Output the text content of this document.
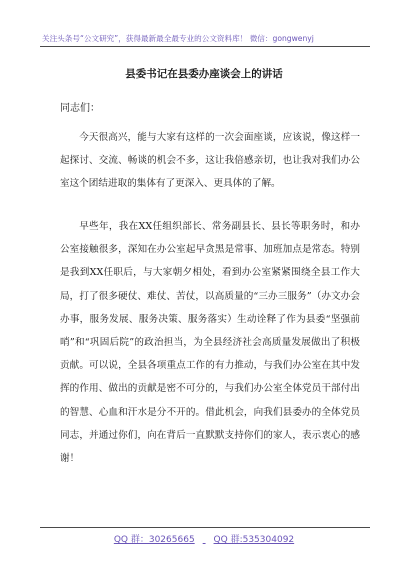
关注头条号“公文研究”，获得最新最全最专业的公文资料库！ 微信：gongwenyj
县委书记在县委办座谈会上的讲话
同志们：

今天很高兴，能与大家有这样的一次会面座谈，应该说，像这样一起探讨、交流、畅谈的机会不多，这让我倍感亲切，也让我对我们办公室这个团结进取的集体有了更深入、更具体的了解。

早些年，我在XX任组织部长、常务副县长、县长等职务时，和办公室接触很多，深知在办公室起早贪黑是常事、加班加点是常态。特别是我到XX任职后，与大家朝夕相处，看到办公室紧紧围绕全县工作大局，打了很多硬仗、难仗、苦仗，以高质量的“三办三服务”（办文办会办事，服务发展、服务决策、服务落实）生动诠释了作为县委“坚强前哨”和“巩固后院”的政治担当，为全县经济社会高质量发展做出了积极贡献。可以说，全县各项重点工作的有力推动，与我们办公室在其中发挥的作用、做出的贡献是密不可分的，与我们办公室全体党员干部付出的智慧、心血和汗水是分不开的。借此机会，向我们县委办的全体党员同志，并通过你们，向在背后一直默默支持你们的家人，表示衷心的感谢！

QQ 群：30265665 QQ 群:535304092
